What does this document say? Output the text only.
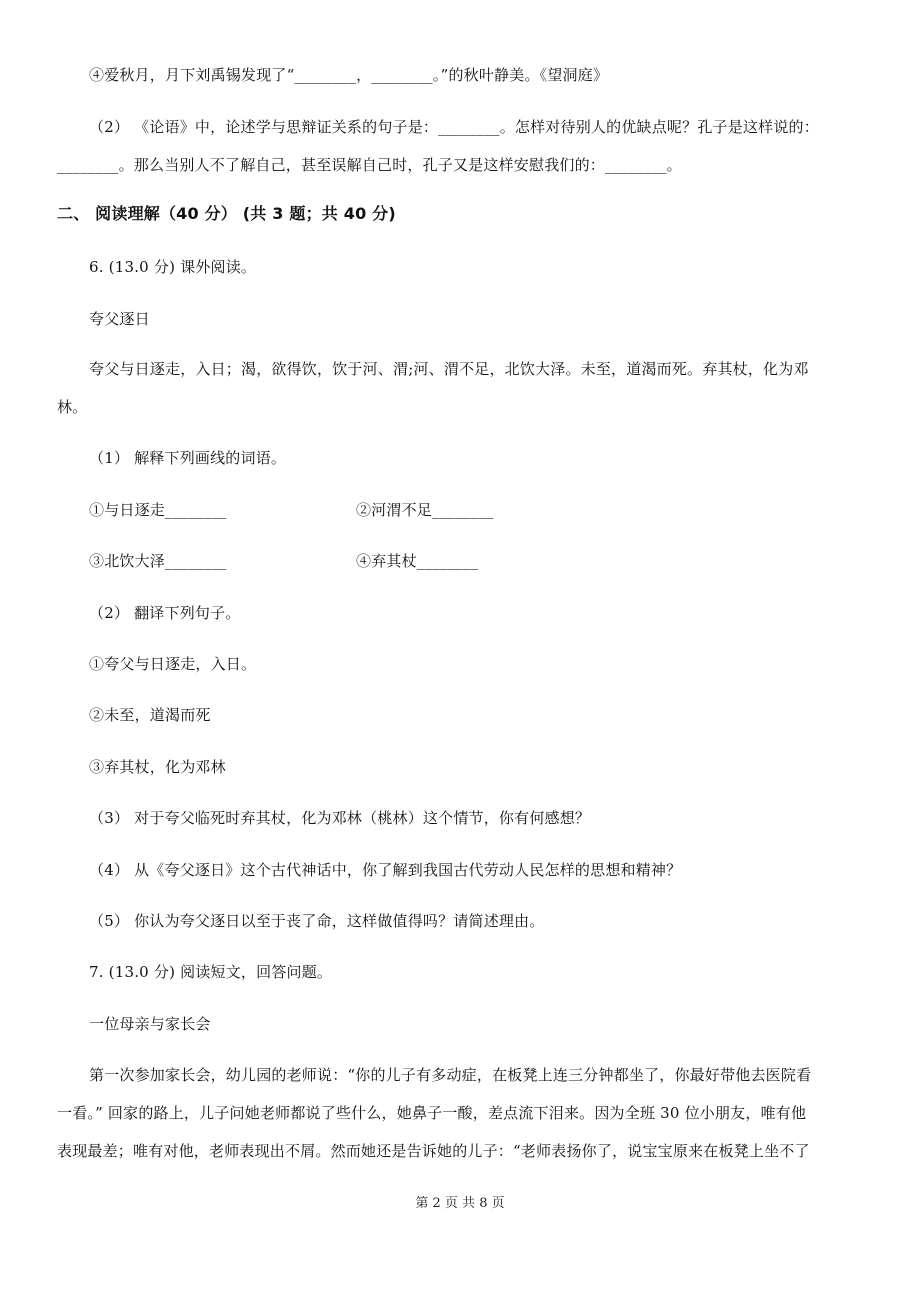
④爱秋月，月下刘禹锡发现了“________，________。”的秋叶静美。《望洞庭》
（2） 《论语》中，论述学与思辩证关系的句子是：________。怎样对待别人的优缺点呢？孔子是这样说的：
________。那么当别人不了解自己，甚至误解自己时，孔子又是这样安慰我们的：________。
二、 阅读理解（40 分） (共 3 题；共 40 分)
6. (13.0 分) 课外阅读。
夸父逐日
夸父与日逐走，入日；渴，欲得饮，饮于河、渭;河、渭不足，北饮大泽。未至，道渴而死。弃其杖，化为邓
林。
（1） 解释下列画线的词语。
①与日逐走________	②河渭不足________
③北饮大泽________	④弃其杖________
（2） 翻译下列句子。
①夸父与日逐走，入日。
②未至，道渴而死
③弃其杖，化为邓林
（3） 对于夸父临死时弃其杖，化为邓林（桃林）这个情节，你有何感想？
（4） 从《夸父逐日》这个古代神话中，你了解到我国古代劳动人民怎样的思想和精神？
（5） 你认为夸父逐日以至于丧了命，这样做值得吗？请简述理由。
7. (13.0 分) 阅读短文，回答问题。
一位母亲与家长会
第一次参加家长会，幼儿园的老师说：“你的儿子有多动症，在板凳上连三分钟都坐了，你最好带他去医院看
一看。” 回家的路上，儿子问她老师都说了些什么，她鼻子一酸，差点流下泪来。因为全班 30 位小朋友，唯有他
表现最差；唯有对他，老师表现出不屑。然而她还是告诉她的儿子：“老师表扬你了，说宝宝原来在板凳上坐不了
第 2 页 共 8 页
